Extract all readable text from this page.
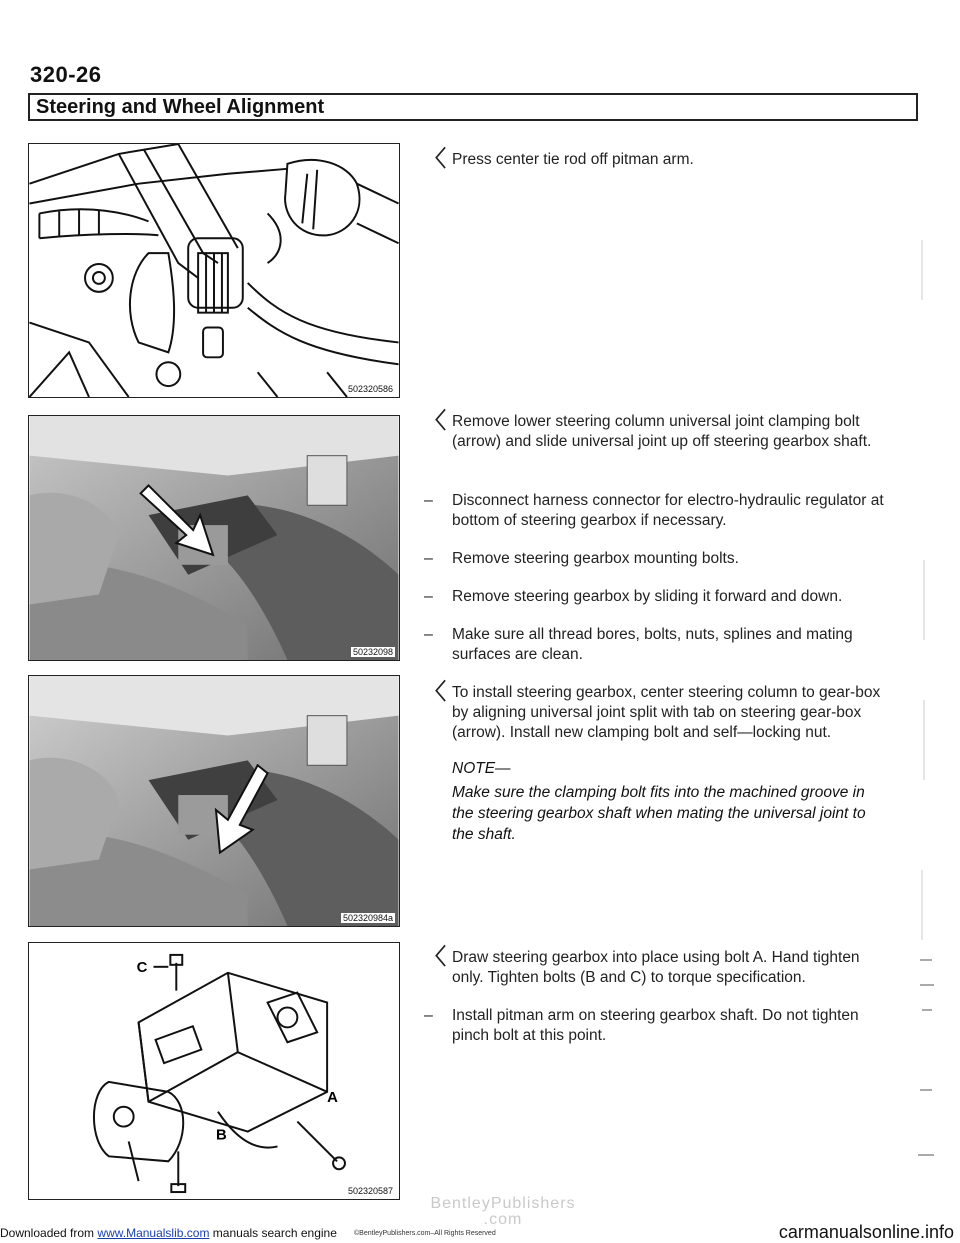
320-26
Steering and Wheel Alignment
502320586
50232098
502320984a
C
A
B
502320587
〈 Press center tie rod off pitman arm.
〈 Remove lower steering column universal joint clamping bolt (arrow) and slide universal joint up off steering gearbox shaft.
–	Disconnect harness connector for electro-hydraulic regulator at bottom of steering gearbox if necessary.
–	Remove steering gearbox mounting bolts.
–	Remove steering gearbox by sliding it forward and down.
–	Make sure all thread bores, bolts, nuts, splines and mating surfaces are clean.
〈 To install steering gearbox, center steering column to gear-box by aligning universal joint split with tab on steering gear-box (arrow). Install new clamping bolt and self—locking nut.
NOTE—
Make sure the clamping bolt fits into the machined groove in the steering gearbox shaft when mating the universal joint to the shaft.
〈 Draw steering gearbox into place using bolt A. Hand tighten only. Tighten bolts (B and C) to torque specification.
–	Install pitman arm on steering gearbox shaft. Do not tighten pinch bolt at this point.
BentleyPublishers .com
Downloaded from www.Manualslib.com manuals search engine ©BentleyPublishers.com–All Rights Reserved	carmanualsonline.info
